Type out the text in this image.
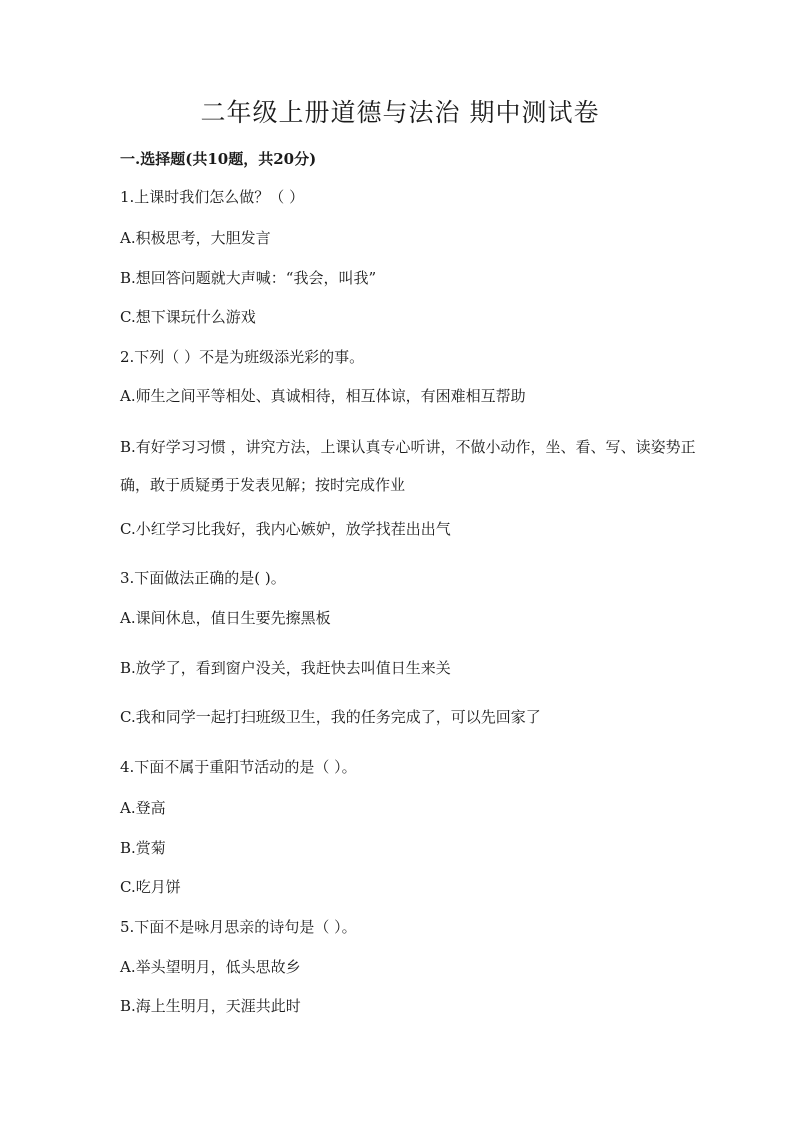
二年级上册道德与法治 期中测试卷
一.选择题(共10题，共20分)
1.上课时我们怎么做？（ ）
A.积极思考，大胆发言
B.想回答问题就大声喊：“我会，叫我”
C.想下课玩什么游戏
2.下列（ ）不是为班级添光彩的事。
A.师生之间平等相处、真诚相待，相互体谅，有困难相互帮助
B.有好学习习惯 ，讲究方法，上课认真专心听讲，不做小动作，坐、看、写、读姿势正确，敢于质疑勇于发表见解；按时完成作业
C.小红学习比我好，我内心嫉妒，放学找茬出出气
3.下面做法正确的是( )。
A.课间休息，值日生要先擦黑板
B.放学了，看到窗户没关，我赶快去叫值日生来关
C.我和同学一起打扫班级卫生，我的任务完成了，可以先回家了
4.下面不属于重阳节活动的是（ ）。
A.登高
B.赏菊
C.吃月饼
5.下面不是咏月思亲的诗句是（ ）。
A.举头望明月，低头思故乡
B.海上生明月，天涯共此时
